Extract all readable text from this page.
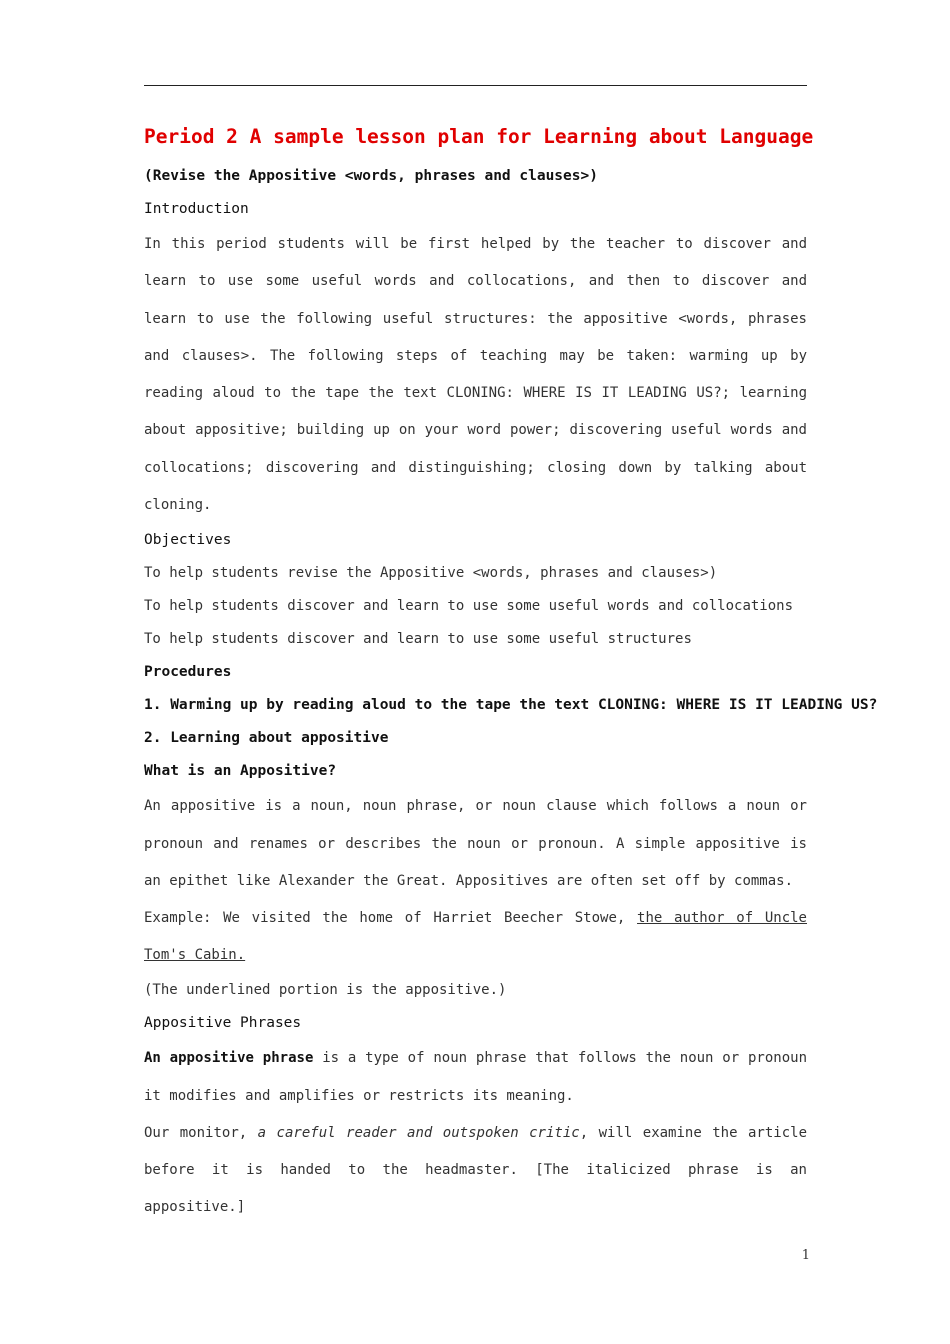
Period 2 A sample lesson plan for Learning about Language

(Revise the Appositive <words, phrases and clauses>)

Introduction

In this period students will be first helped by the teacher to discover and learn to use some useful words and collocations, and then to discover and learn to use the following useful structures: the appositive <words, phrases and clauses>. The following steps of teaching may be taken: warming up by reading aloud to the tape the text CLONING: WHERE IS IT LEADING US?; learning about appositive; building up on your word power; discovering useful words and collocations; discovering and distinguishing; closing down by talking about cloning.

Objectives

To help students revise the Appositive <words, phrases and clauses>)

To help students discover and learn to use some useful words and collocations

To help students discover and learn to use some useful structures

Procedures

1. Warming up by reading aloud to the tape the text CLONING: WHERE IS IT LEADING US?

2. Learning about appositive

What is an Appositive?

An appositive is a noun, noun phrase, or noun clause which follows a noun or pronoun and renames or describes the noun or pronoun. A simple appositive is an epithet like Alexander the Great. Appositives are often set off by commas.

Example: We visited the home of Harriet Beecher Stowe, the author of Uncle Tom's Cabin.

(The underlined portion is the appositive.)

Appositive Phrases

An appositive phrase is a type of noun phrase that follows the noun or pronoun it modifies and amplifies or restricts its meaning.

Our monitor, a careful reader and outspoken critic, will examine the article before it is handed to the headmaster. [The italicized phrase is an appositive.]

1
